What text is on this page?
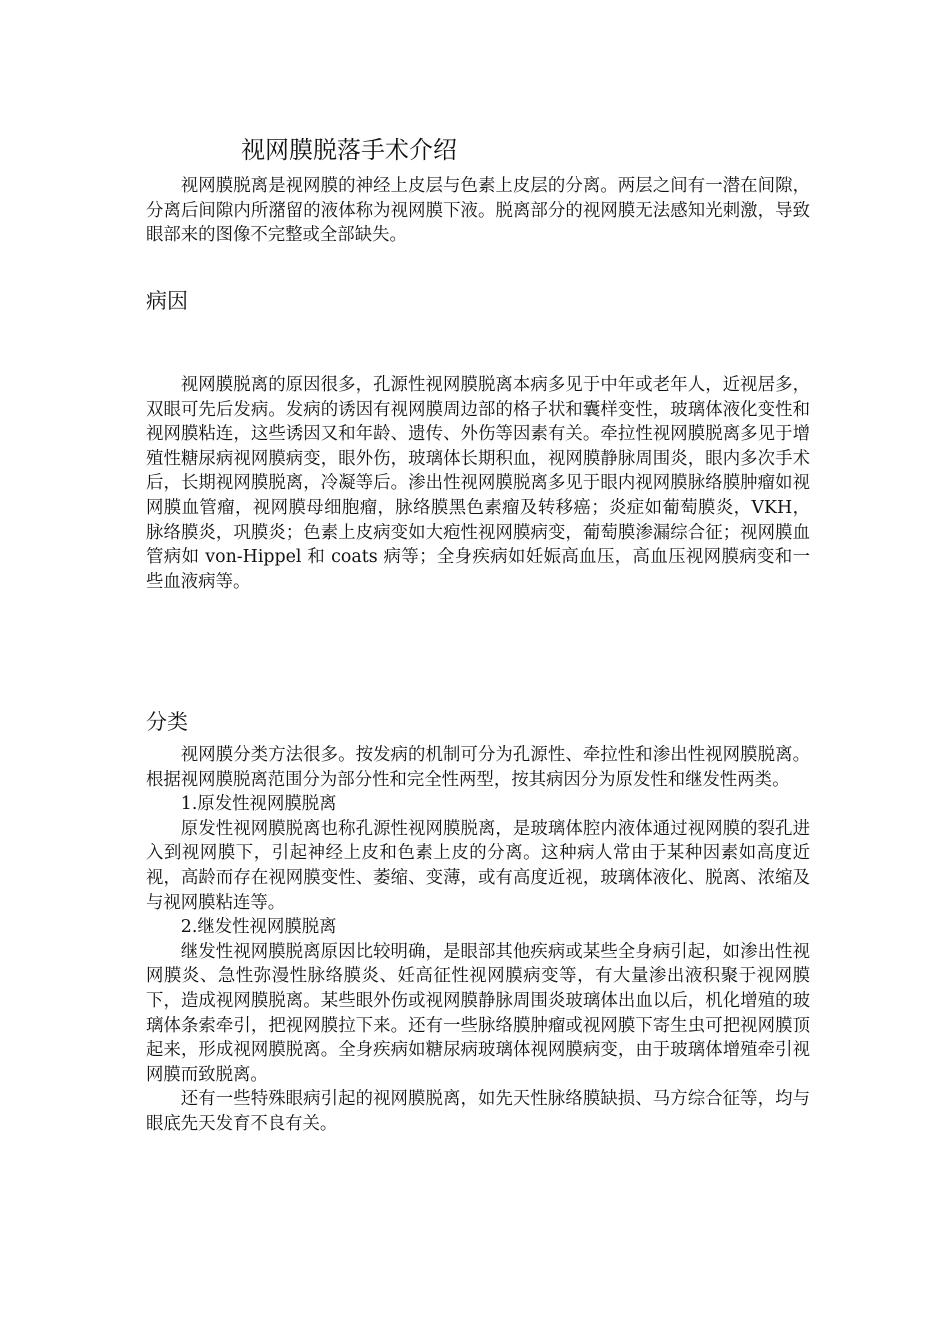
视网膜脱落手术介绍

视网膜脱离是视网膜的神经上皮层与色素上皮层的分离。两层之间有一潜在间隙，分离后间隙内所潴留的液体称为视网膜下液。脱离部分的视网膜无法感知光刺激，导致眼部来的图像不完整或全部缺失。

病因

视网膜脱离的原因很多，孔源性视网膜脱离本病多见于中年或老年人，近视居多，双眼可先后发病。发病的诱因有视网膜周边部的格子状和囊样变性，玻璃体液化变性和视网膜粘连，这些诱因又和年龄、遗传、外伤等因素有关。牵拉性视网膜脱离多见于增殖性糖尿病视网膜病变，眼外伤，玻璃体长期积血，视网膜静脉周围炎，眼内多次手术后，长期视网膜脱离，冷凝等后。渗出性视网膜脱离多见于眼内视网膜脉络膜肿瘤如视网膜血管瘤，视网膜母细胞瘤，脉络膜黑色素瘤及转移癌；炎症如葡萄膜炎，VKH，脉络膜炎，巩膜炎；色素上皮病变如大疱性视网膜病变，葡萄膜渗漏综合征；视网膜血管病如 von-Hippel 和 coats 病等；全身疾病如妊娠高血压，高血压视网膜病变和一些血液病等。

分类

视网膜分类方法很多。按发病的机制可分为孔源性、牵拉性和渗出性视网膜脱离。根据视网膜脱离范围分为部分性和完全性两型，按其病因分为原发性和继发性两类。

1.原发性视网膜脱离

原发性视网膜脱离也称孔源性视网膜脱离，是玻璃体腔内液体通过视网膜的裂孔进入到视网膜下，引起神经上皮和色素上皮的分离。这种病人常由于某种因素如高度近视，高龄而存在视网膜变性、萎缩、变薄，或有高度近视，玻璃体液化、脱离、浓缩及与视网膜粘连等。

2.继发性视网膜脱离

继发性视网膜脱离原因比较明确，是眼部其他疾病或某些全身病引起，如渗出性视网膜炎、急性弥漫性脉络膜炎、妊高征性视网膜病变等，有大量渗出液积聚于视网膜下，造成视网膜脱离。某些眼外伤或视网膜静脉周围炎玻璃体出血以后，机化增殖的玻璃体条索牵引，把视网膜拉下来。还有一些脉络膜肿瘤或视网膜下寄生虫可把视网膜顶起来，形成视网膜脱离。全身疾病如糖尿病玻璃体视网膜病变，由于玻璃体增殖牵引视网膜而致脱离。

还有一些特殊眼病引起的视网膜脱离，如先天性脉络膜缺损、马方综合征等，均与眼底先天发育不良有关。
